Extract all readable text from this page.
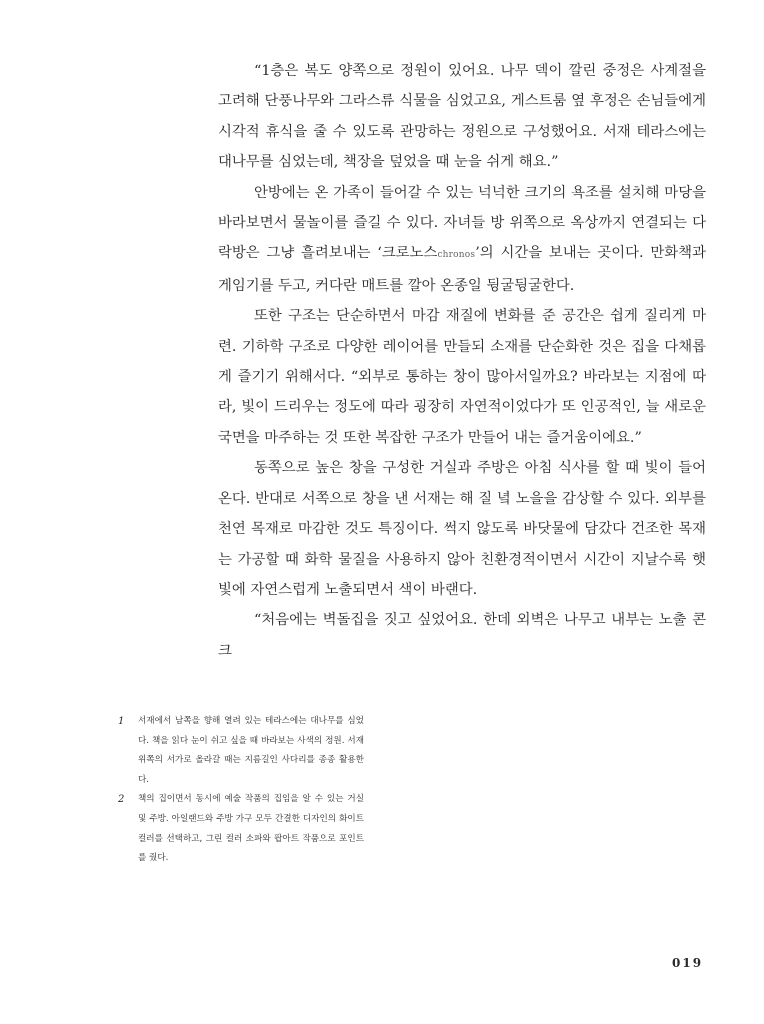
“1층은 복도 양쪽으로 정원이 있어요. 나무 덱이 깔린 중정은 사계절을 고려해 단풍나무와 그라스류 식물을 심었고요, 게스트룸 옆 후정은 손님들에게 시각적 휴식을 줄 수 있도록 관망하는 정원으로 구성했어요. 서재 테라스에는 대나무를 심었는데, 책장을 덮었을 때 눈을 쉬게 해요.”

안방에는 온 가족이 들어갈 수 있는 넉넉한 크기의 욕조를 설치해 마당을 바라보면서 물놀이를 즐길 수 있다. 자녀들 방 위쪽으로 옥상까지 연결되는 다락방은 그냥 흘려보내는 ‘크로노스chronos’의 시간을 보내는 곳이다. 만화책과 게임기를 두고, 커다란 매트를 깔아 온종일 뒹굴뒹굴한다.

또한 구조는 단순하면서 마감 재질에 변화를 준 공간은 쉽게 질리게 마련. 기하학 구조로 다양한 레이어를 만들되 소재를 단순화한 것은 집을 다채롭게 즐기기 위해서다. “외부로 통하는 창이 많아서일까요? 바라보는 지점에 따라, 빛이 드리우는 정도에 따라 굉장히 자연적이었다가 또 인공적인, 늘 새로운 국면을 마주하는 것 또한 복잡한 구조가 만들어 내는 즐거움이에요.”

동쪽으로 높은 창을 구성한 거실과 주방은 아침 식사를 할 때 빛이 들어온다. 반대로 서쪽으로 창을 낸 서재는 해 질 녘 노을을 감상할 수 있다. 외부를 천연 목재로 마감한 것도 특징이다. 썩지 않도록 바닷물에 담갔다 건조한 목재는 가공할 때 화학 물질을 사용하지 않아 친환경적이면서 시간이 지날수록 햇빛에 자연스럽게 노출되면서 색이 바랜다.

“처음에는 벽돌집을 짓고 싶었어요. 한데 외벽은 나무고 내부는 노출 콘크

1	서재에서 남쪽을 향해 열려 있는 테라스에는 대나무를 심었다. 책을 읽다 눈이 쉬고 싶을 때 바라보는 사색의 정원. 서재 위쪽의 서가로 올라갈 때는 지름길인 사다리를 종종 활용한다.
2	책의 집이면서 동시에 예술 작품의 집임을 알 수 있는 거실 및 주방. 아일랜드와 주방 가구 모두 간결한 디자인의 화이트 컬러를 선택하고, 그린 컬러 소파와 팝아트 작품으로 포인트를 줬다.
019
